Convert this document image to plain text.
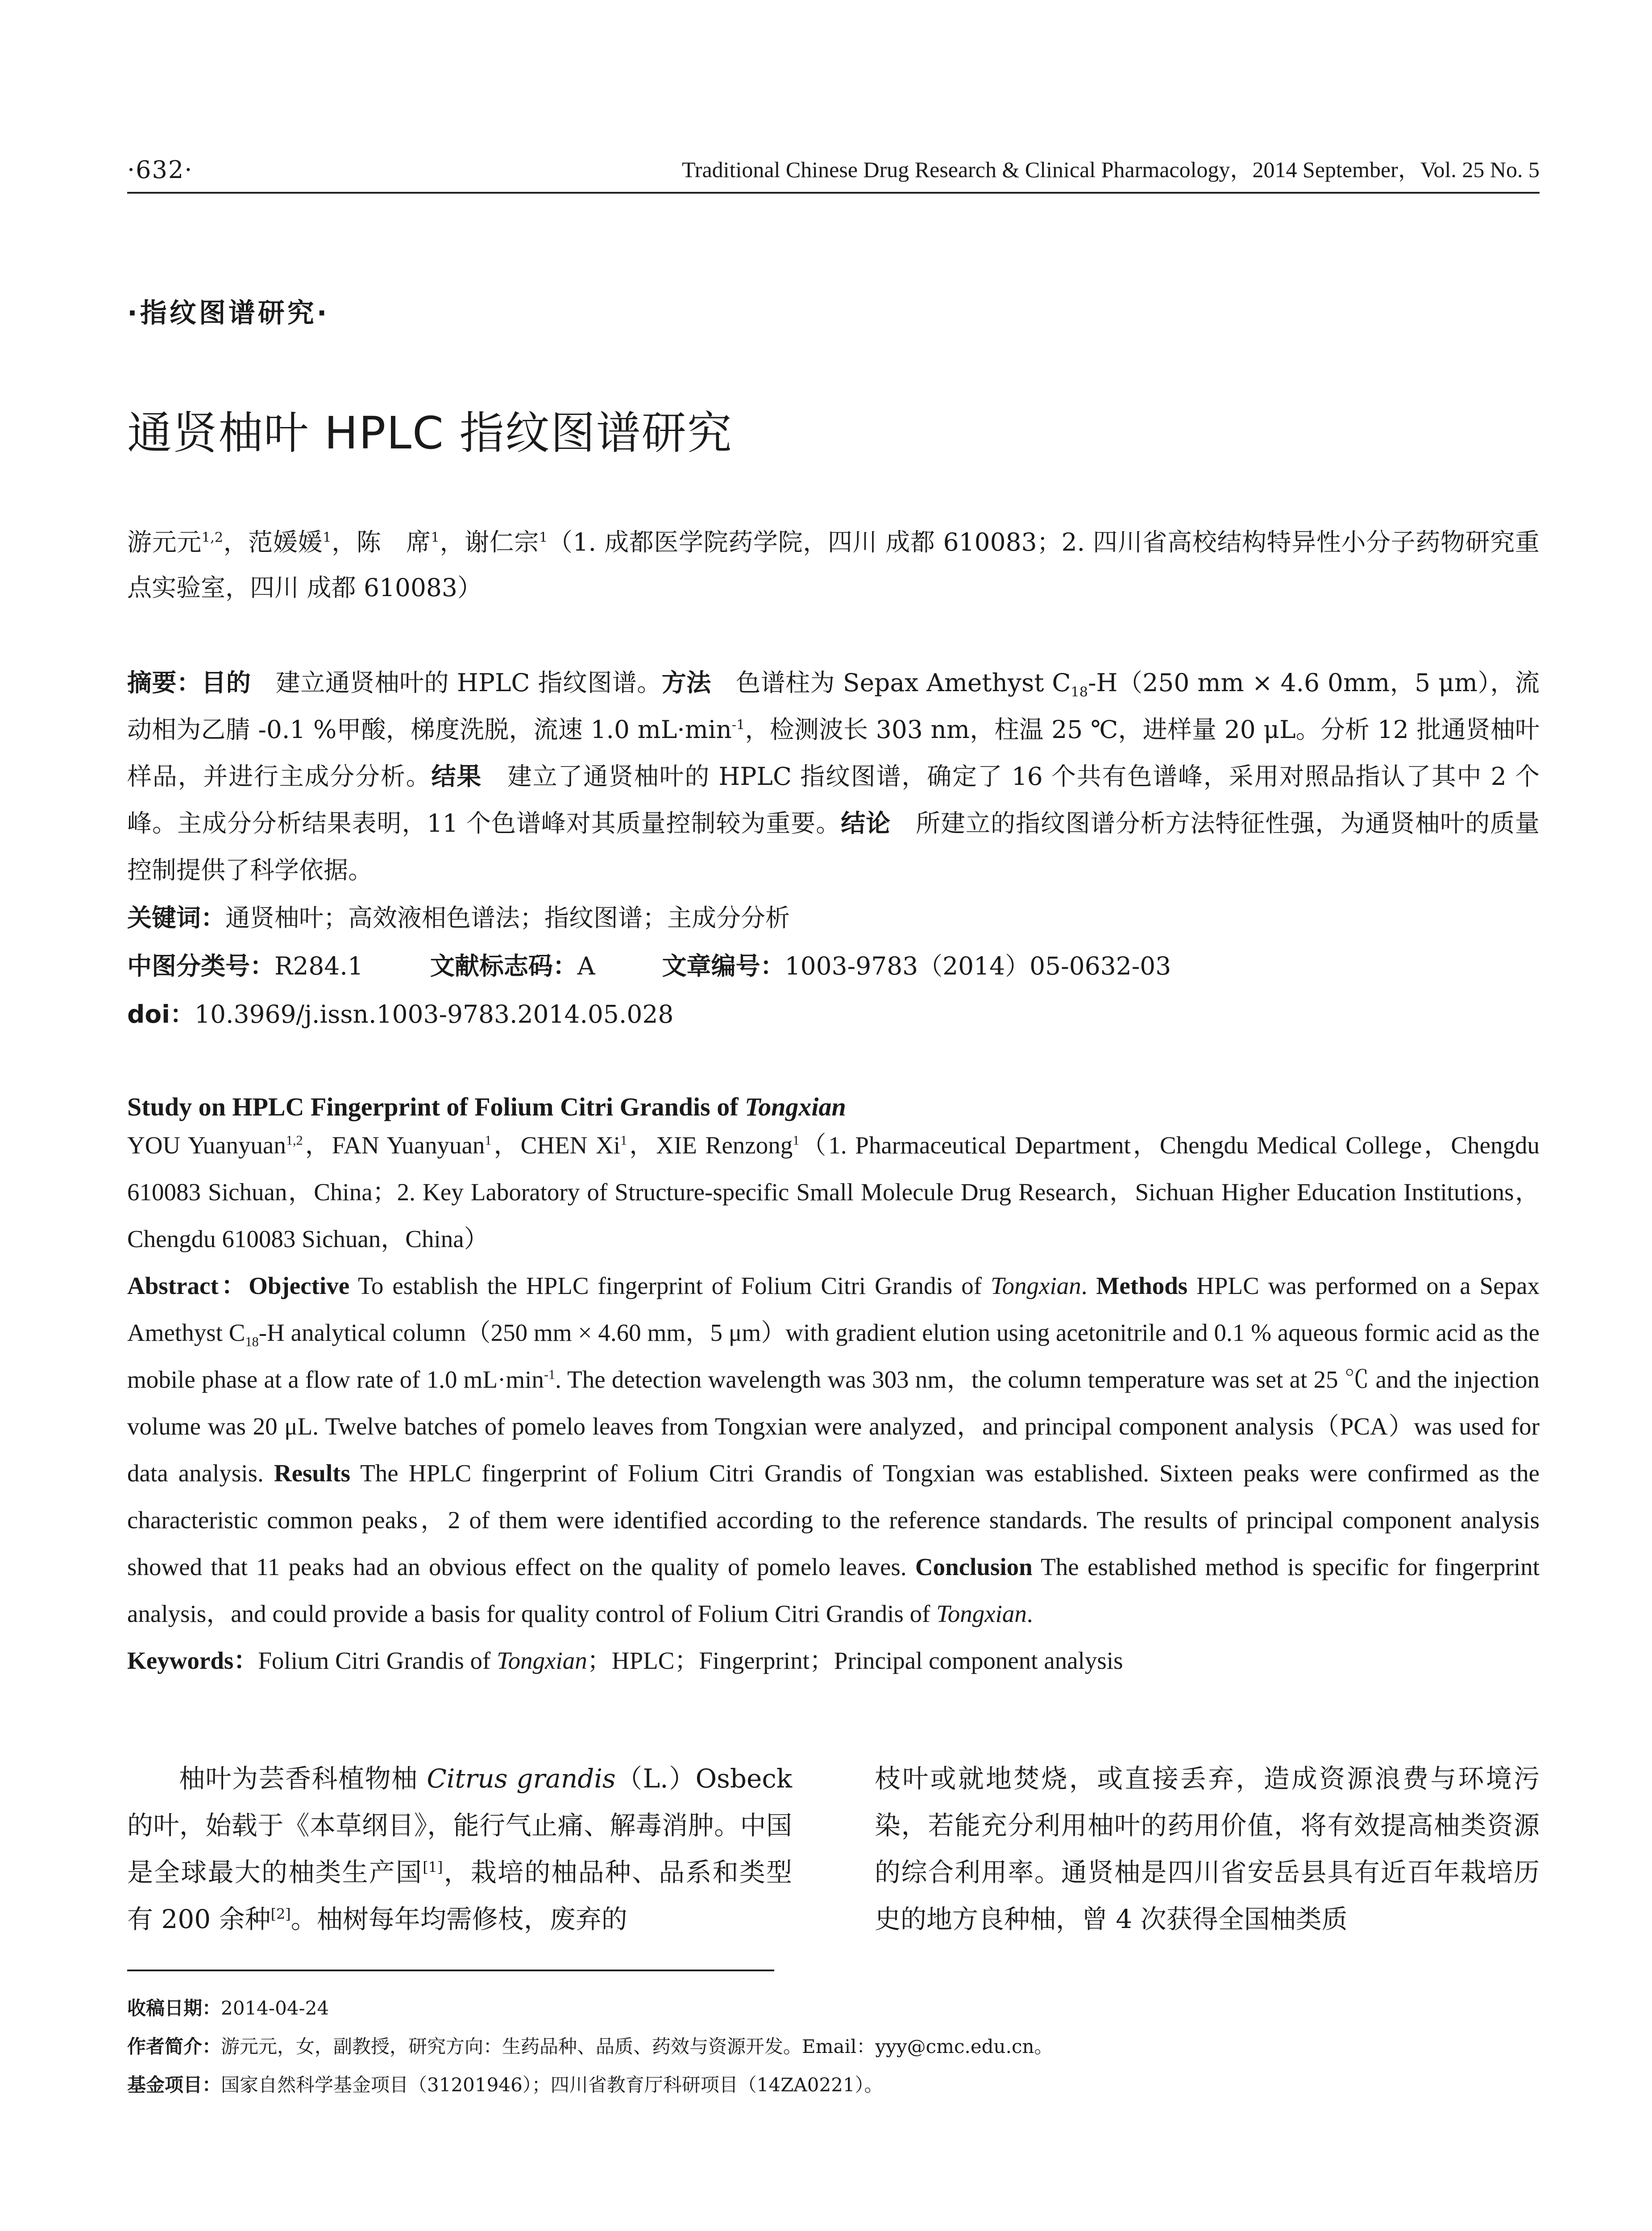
·632·	Traditional Chinese Drug Research & Clinical Pharmacology，2014 September，Vol. 25 No. 5
·指纹图谱研究·
通贤柚叶 HPLC 指纹图谱研究
游元元$^{1,2}$，范媛媛$^1$，陈　席$^1$，谢仁宗$^1$（1. 成都医学院药学院，四川 成都 610083；2. 四川省高校结构特异性小分子药物研究重点实验室，四川 成都 610083）
摘要：目的　建立通贤柚叶的 HPLC 指纹图谱。方法　色谱柱为 Sepax Amethyst $C_{18}-H(250$ mm × 4.6 0mm，5 μm），流动相为乙腈 -0.1 %甲酸，梯度洗脱，流速 1.0 $mL\cdot\min^{-1}$，检测波长 303 nm，柱温 25 ℃，进样量 20 μL。分析 12 批通贤柚叶样品，并进行主成分分析。结果　建立了通贤柚叶的 HPLC 指纹图谱，确定了 16 个共有色谱峰，采用对照品指认了其中 2 个峰。主成分分析结果表明，11 个色谱峰对其质量控制较为重要。结论　所建立的指纹图谱分析方法特征性强，为通贤柚叶的质量控制提供了科学依据。
关键词：通贤柚叶；高效液相色谱法；指纹图谱；主成分分析
中图分类号：R284.1	文献标志码：A	文章编号：1003-9783（2014）05-0632-03
doi：10.3969/j.issn.1003-9783.2014.05.028
Study on HPLC Fingerprint of Folium Citri Grandis of Tongxian
YOU Yuanyuan$^{1,2}$，FAN Yuanyuan$^1$，CHEN Xi$^1$，XIE Renzong$^1$（1. Pharmaceutical Department，Chengdu Medical College，Chengdu 610083 Sichuan，China；2. Key Laboratory of Structure-specific Small Molecule Drug Research，Sichuan Higher Education Institutions，Chengdu 610083 Sichuan，China）
Abstract：Objective To establish the HPLC fingerprint of Folium Citri Grandis of Tongxian. Methods HPLC was performed on a Sepax Amethyst $C_{18}-H$ analytical column（250 mm × 4.60 mm，5 μm）with gradient elution using acetonitrile and 0.1 % aqueous formic acid as the mobile phase at a flow rate of 1.0 $mL\cdot\min^{-1}$. The detection wavelength was 303 nm，the column temperature was set at 25 ℃ and the injection volume was 20 μL. Twelve batches of pomelo leaves from Tongxian were analyzed，and principal component analysis（PCA）was used for data analysis. Results The HPLC fingerprint of Folium Citri Grandis of Tongxian was established. Sixteen peaks were confirmed as the characteristic common peaks，2 of them were identified according to the reference standards. The results of principal component analysis showed that 11 peaks had an obvious effect on the quality of pomelo leaves. Conclusion The established method is specific for fingerprint analysis，and could provide a basis for quality control of Folium Citri Grandis of Tongxian.
Keywords：Folium Citri Grandis of Tongxian；HPLC；Fingerprint；Principal component analysis

柚叶为芸香科植物柚 Citrus grandis（L.）Osbeck 的叶，始载于《本草纲目》，能行气止痛、解毒消肿。中国是全球最大的柚类生产国[1]，栽培的柚品种、品系和类型有 200 余种[2]。柚树每年均需修枝，废弃的

枝叶或就地焚烧，或直接丢弃，造成资源浪费与环境污染，若能充分利用柚叶的药用价值，将有效提高柚类资源的综合利用率。通贤柚是四川省安岳县具有近百年栽培历史的地方良种柚，曾 4 次获得全国柚类质

收稿日期：2014-04-24
作者简介：游元元，女，副教授，研究方向：生药品种、品质、药效与资源开发。Email：yyy@cmc.edu.cn。
基金项目：国家自然科学基金项目（31201946）；四川省教育厅科研项目（14ZA0221）。
